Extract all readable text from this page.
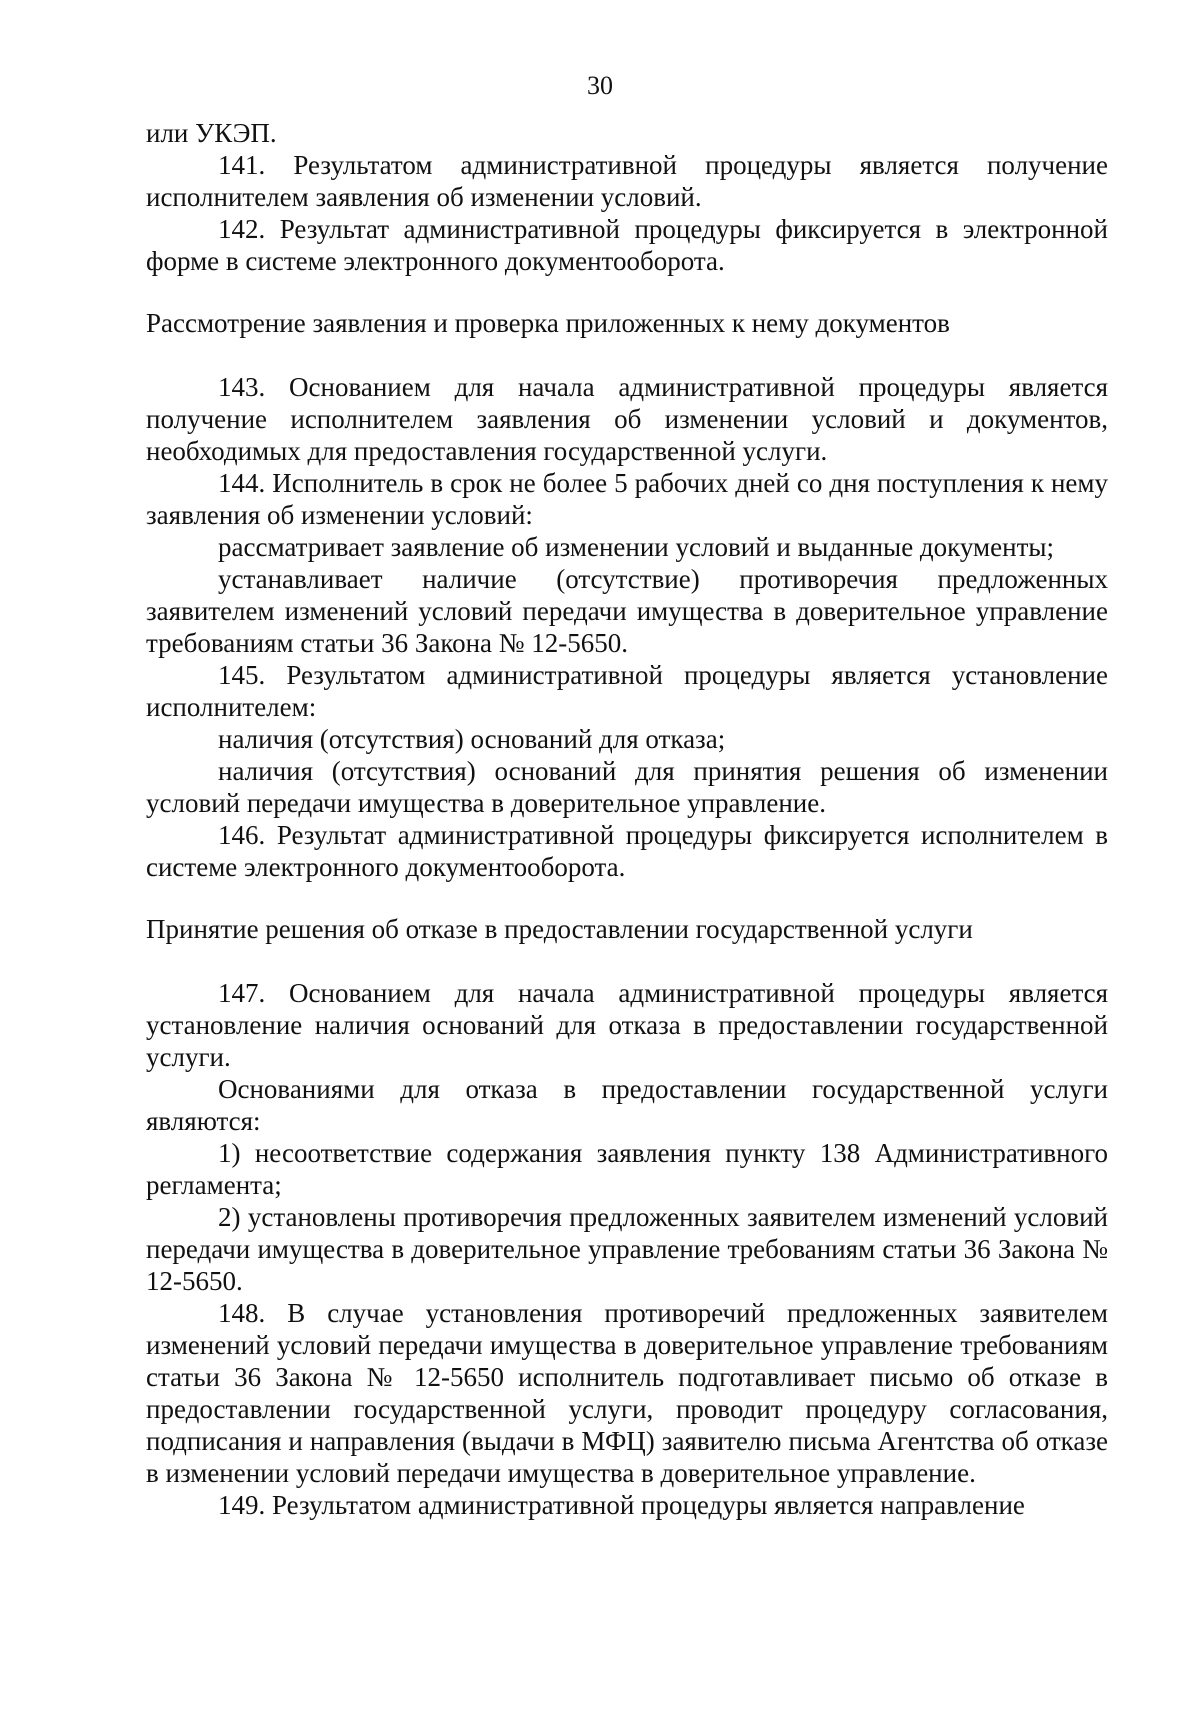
30

или УКЭП.

141. Результатом административной процедуры является получение исполнителем заявления об изменении условий.

142. Результат административной процедуры фиксируется в электронной форме в системе электронного документооборота.

Рассмотрение заявления и проверка приложенных к нему документов

143. Основанием для начала административной процедуры является получение исполнителем заявления об изменении условий и документов, необходимых для предоставления государственной услуги.

144. Исполнитель в срок не более 5 рабочих дней со дня поступления к нему заявления об изменении условий:

рассматривает заявление об изменении условий и выданные документы;

устанавливает наличие (отсутствие) противоречия предложенных заявителем изменений условий передачи имущества в доверительное управление требованиям статьи 36 Закона № 12-5650.

145. Результатом административной процедуры является установление исполнителем:

наличия (отсутствия) оснований для отказа;

наличия (отсутствия) оснований для принятия решения об изменении условий передачи имущества в доверительное управление.

146. Результат административной процедуры фиксируется исполнителем в системе электронного документооборота.

Принятие решения об отказе в предоставлении государственной услуги

147. Основанием для начала административной процедуры является установление наличия оснований для отказа в предоставлении государственной услуги.

Основаниями для отказа в предоставлении государственной услуги являются:

1) несоответствие содержания заявления пункту 138 Административного регламента;

2) установлены противоречия предложенных заявителем изменений условий передачи имущества в доверительное управление требованиям статьи 36 Закона № 12-5650.

148. В случае установления противоречий предложенных заявителем изменений условий передачи имущества в доверительное управление требованиям статьи 36 Закона № 12-5650 исполнитель подготавливает письмо об отказе в предоставлении государственной услуги, проводит процедуру согласования, подписания и направления (выдачи в МФЦ) заявителю письма Агентства об отказе в изменении условий передачи имущества в доверительное управление.

149. Результатом административной процедуры является направление
